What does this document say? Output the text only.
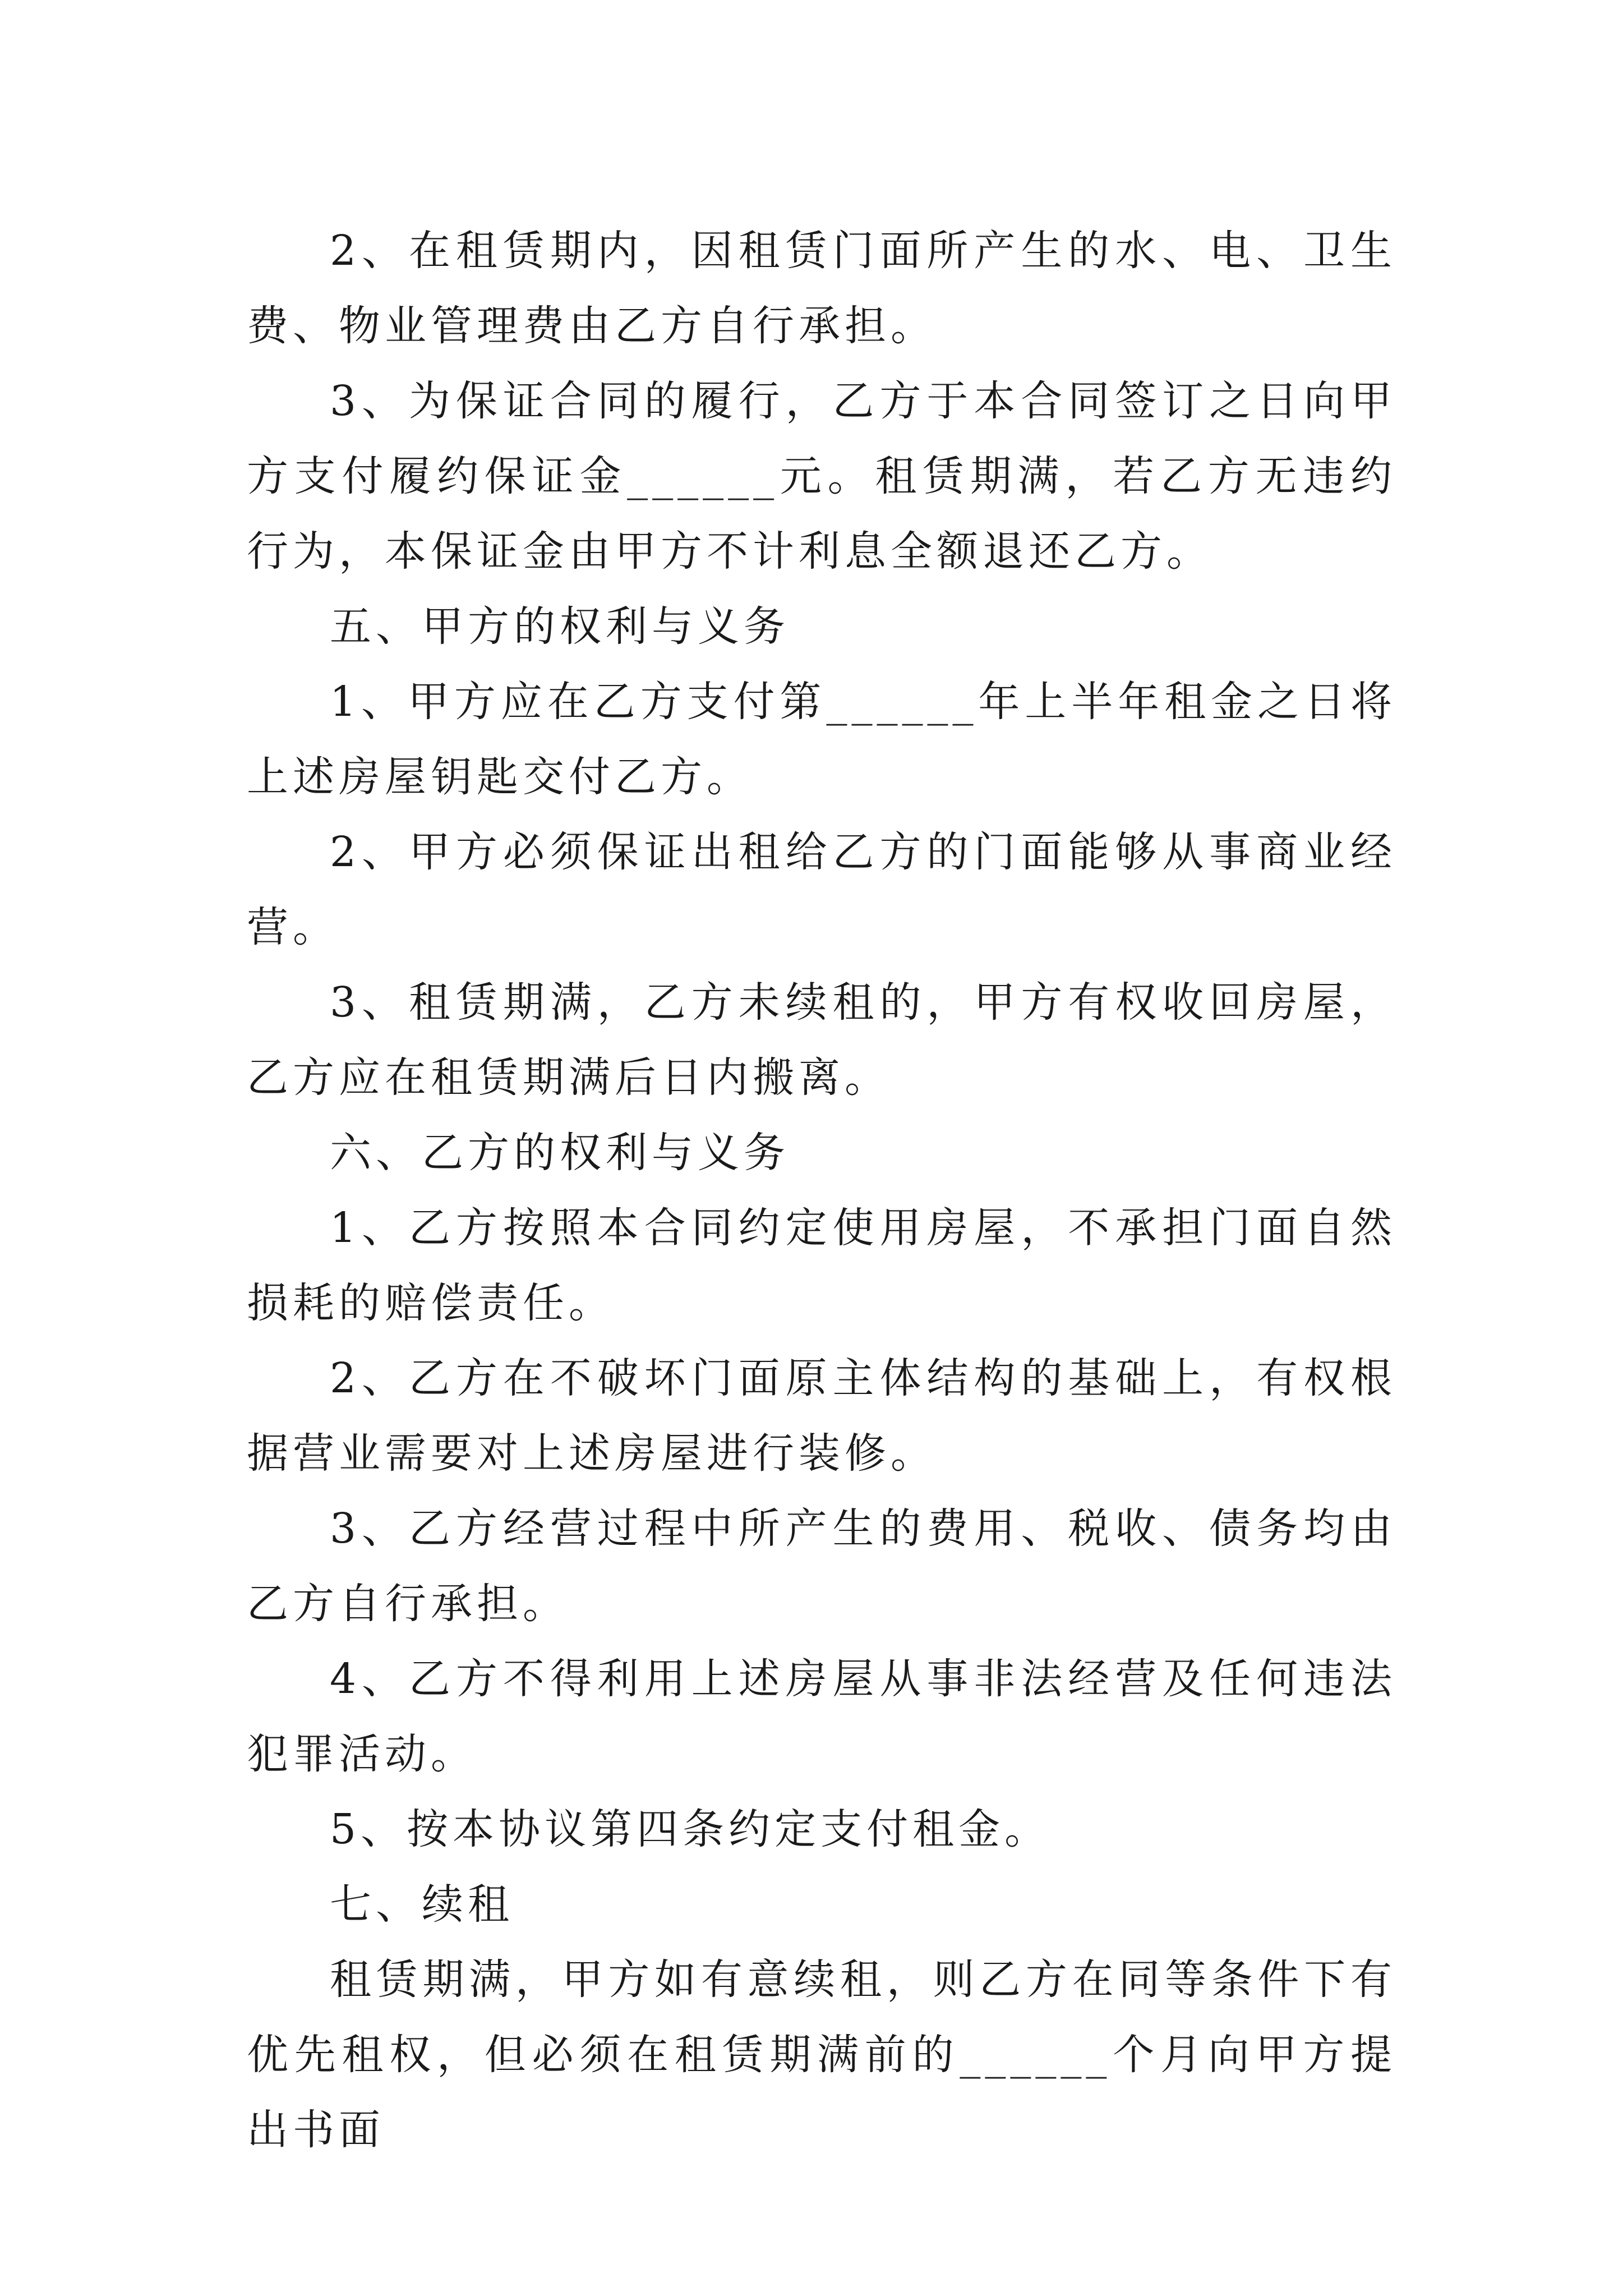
2、在租赁期内，因租赁门面所产生的水、电、卫生费、物业管理费由乙方自行承担。

3、为保证合同的履行，乙方于本合同签订之日向甲方支付履约保证金______元。租赁期满，若乙方无违约行为，本保证金由甲方不计利息全额退还乙方。

五、甲方的权利与义务

1、甲方应在乙方支付第______年上半年租金之日将上述房屋钥匙交付乙方。

2、甲方必须保证出租给乙方的门面能够从事商业经营。

3、租赁期满，乙方未续租的，甲方有权收回房屋，乙方应在租赁期满后日内搬离。

六、乙方的权利与义务

1、乙方按照本合同约定使用房屋，不承担门面自然损耗的赔偿责任。

2、乙方在不破坏门面原主体结构的基础上，有权根据营业需要对上述房屋进行装修。

3、乙方经营过程中所产生的费用、税收、债务均由乙方自行承担。

4、乙方不得利用上述房屋从事非法经营及任何违法犯罪活动。

5、按本协议第四条约定支付租金。

七、续租

租赁期满，甲方如有意续租，则乙方在同等条件下有优先租权，但必须在租赁期满前的______个月向甲方提出书面
